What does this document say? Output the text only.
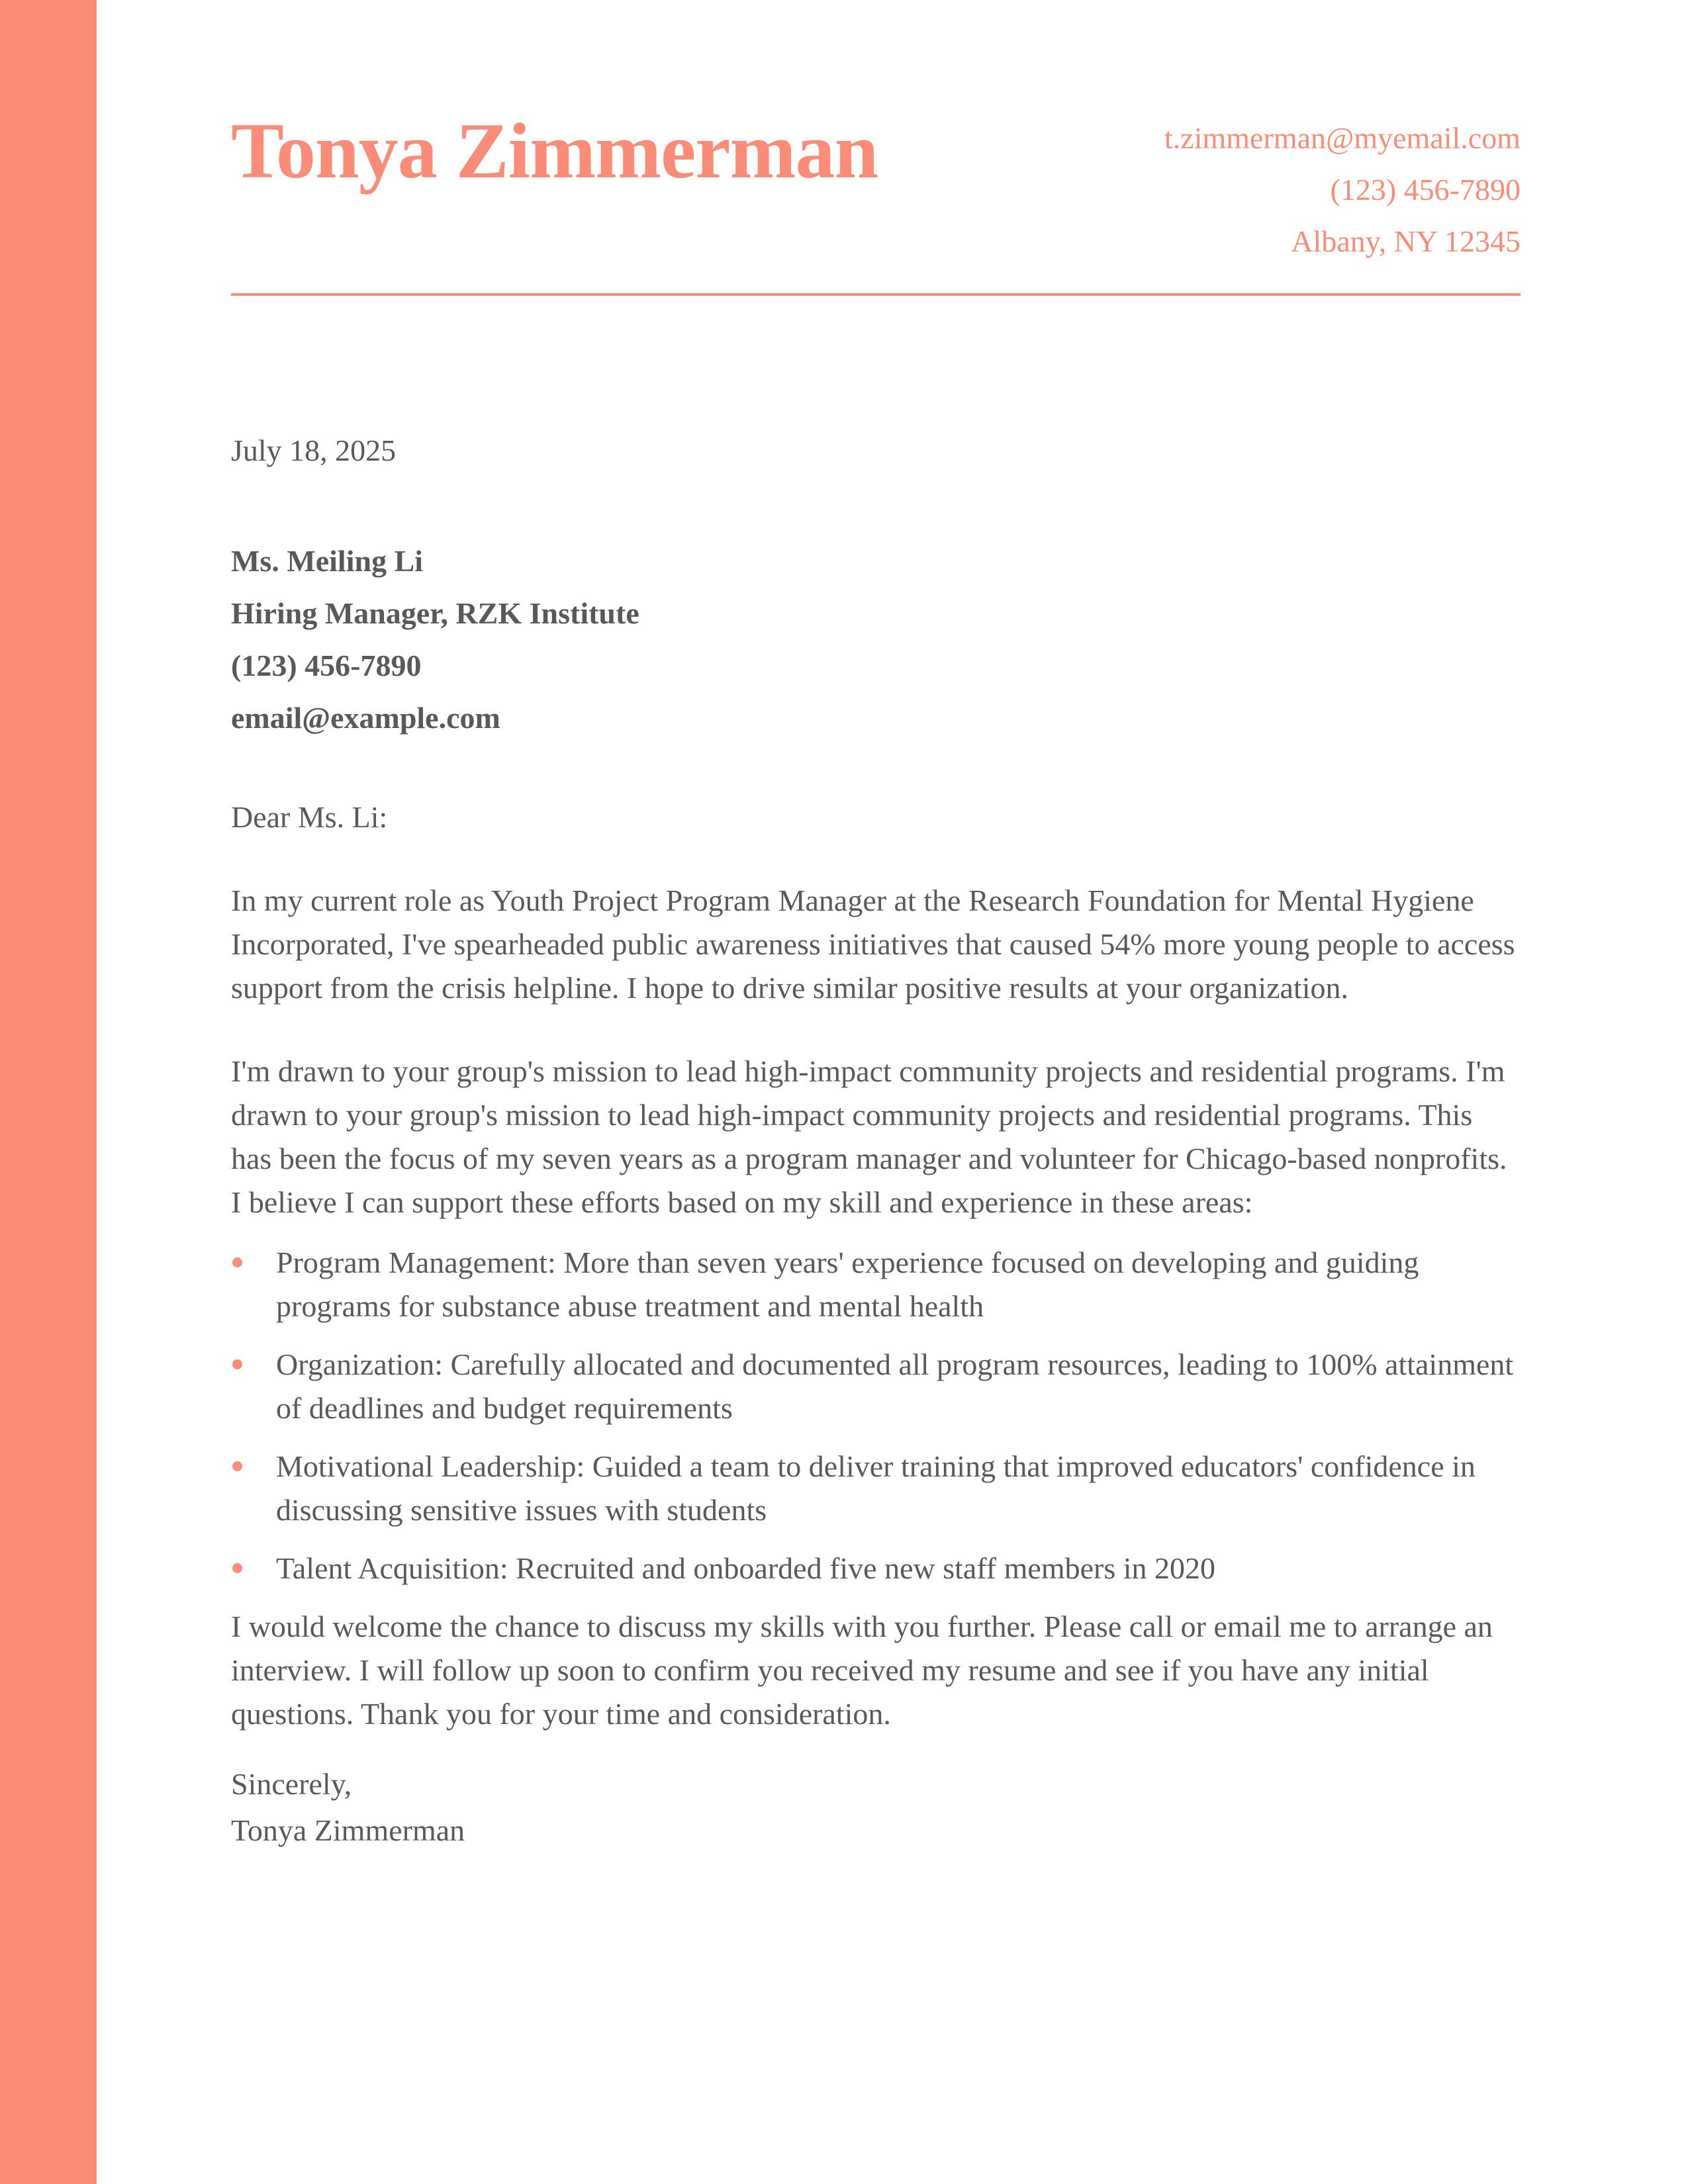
Tonya Zimmerman	t.zimmerman@myemail.com
(123) 456-7890
Albany, NY 12345
July 18, 2025
Ms. Meiling Li
Hiring Manager, RZK Institute
(123) 456-7890
email@example.com
Dear Ms. Li:

In my current role as Youth Project Program Manager at the Research Foundation for Mental Hygiene Incorporated, I've spearheaded public awareness initiatives that caused 54% more young people to access support from the crisis helpline. I hope to drive similar positive results at your organization.

I'm drawn to your group's mission to lead high-impact community projects and residential programs. I'm drawn to your group's mission to lead high-impact community projects and residential programs. This has been the focus of my seven years as a program manager and volunteer for Chicago-based nonprofits. I believe I can support these efforts based on my skill and experience in these areas:

Program Management: More than seven years' experience focused on developing and guiding programs for substance abuse treatment and mental health
Organization: Carefully allocated and documented all program resources, leading to 100% attainment of deadlines and budget requirements
Motivational Leadership: Guided a team to deliver training that improved educators' confidence in discussing sensitive issues with students
Talent Acquisition: Recruited and onboarded five new staff members in 2020

I would welcome the chance to discuss my skills with you further. Please call or email me to arrange an interview. I will follow up soon to confirm you received my resume and see if you have any initial questions. Thank you for your time and consideration.

Sincerely,
Tonya Zimmerman
